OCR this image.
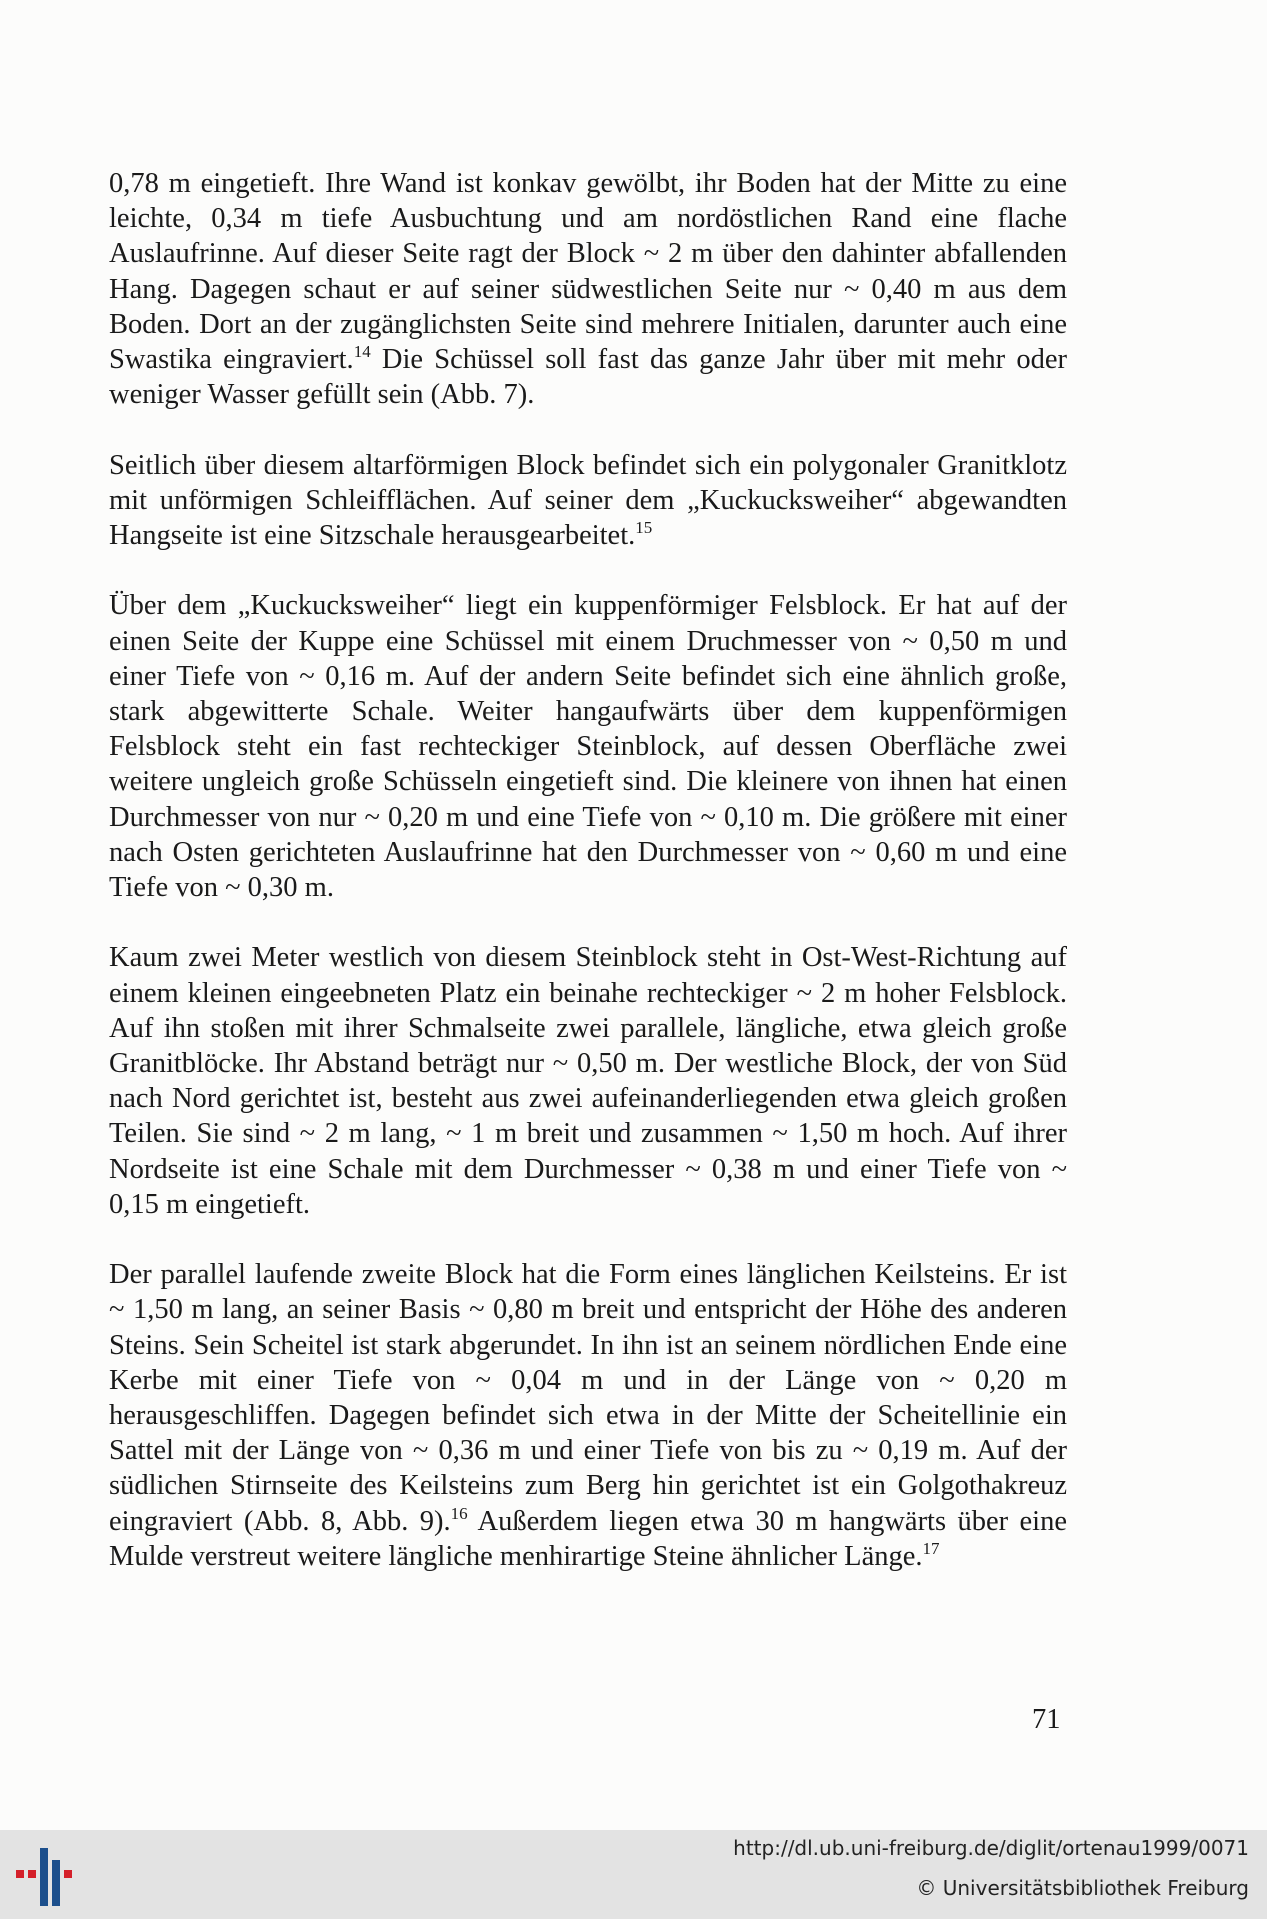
0,78 m eingetieft. Ihre Wand ist konkav gewölbt, ihr Boden hat der Mitte zu eine leichte, 0,34 m tiefe Ausbuchtung und am nordöstlichen Rand eine flache Auslaufrinne. Auf dieser Seite ragt der Block ~ 2 m über den dahinter abfallenden Hang. Dagegen schaut er auf seiner südwestlichen Seite nur ~ 0,40 m aus dem Boden. Dort an der zugänglichsten Seite sind mehrere Initialen, darunter auch eine Swastika eingraviert.$^{14}$ Die Schüssel soll fast das ganze Jahr über mit mehr oder weniger Wasser gefüllt sein (Abb. 7).

Seitlich über diesem altarförmigen Block befindet sich ein polygonaler Granitklotz mit unförmigen Schleifflächen. Auf seiner dem „Kuckucksweiher“ abgewandten Hangseite ist eine Sitzschale herausgearbeitet.$^{15}$

Über dem „Kuckucksweiher“ liegt ein kuppenförmiger Felsblock. Er hat auf der einen Seite der Kuppe eine Schüssel mit einem Druchmesser von ~ 0,50 m und einer Tiefe von ~ 0,16 m. Auf der andern Seite befindet sich eine ähnlich große, stark abgewitterte Schale. Weiter hangaufwärts über dem kuppenförmigen Felsblock steht ein fast rechteckiger Steinblock, auf dessen Oberfläche zwei weitere ungleich große Schüsseln eingetieft sind. Die kleinere von ihnen hat einen Durchmesser von nur ~ 0,20 m und eine Tiefe von ~ 0,10 m. Die größere mit einer nach Osten gerichteten Auslaufrinne hat den Durchmesser von ~ 0,60 m und eine Tiefe von ~ 0,30 m.

Kaum zwei Meter westlich von diesem Steinblock steht in Ost-West-Richtung auf einem kleinen eingeebneten Platz ein beinahe rechteckiger ~ 2 m hoher Felsblock. Auf ihn stoßen mit ihrer Schmalseite zwei parallele, längliche, etwa gleich große Granitblöcke. Ihr Abstand beträgt nur ~ 0,50 m. Der westliche Block, der von Süd nach Nord gerichtet ist, besteht aus zwei aufeinanderliegenden etwa gleich großen Teilen. Sie sind ~ 2 m lang, ~ 1 m breit und zusammen ~ 1,50 m hoch. Auf ihrer Nordseite ist eine Schale mit dem Durchmesser ~ 0,38 m und einer Tiefe von ~ 0,15 m eingetieft.

Der parallel laufende zweite Block hat die Form eines länglichen Keilsteins. Er ist ~ 1,50 m lang, an seiner Basis ~ 0,80 m breit und entspricht der Höhe des anderen Steins. Sein Scheitel ist stark abgerundet. In ihn ist an seinem nördlichen Ende eine Kerbe mit einer Tiefe von ~ 0,04 m und in der Länge von ~ 0,20 m herausgeschliffen. Dagegen befindet sich etwa in der Mitte der Scheitellinie ein Sattel mit der Länge von ~ 0,36 m und einer Tiefe von bis zu ~ 0,19 m. Auf der südlichen Stirnseite des Keilsteins zum Berg hin gerichtet ist ein Golgothakreuz eingraviert (Abb. 8, Abb. 9).$^{16}$ Außerdem liegen etwa 30 m hangwärts über eine Mulde verstreut weitere längliche menhirartige Steine ähnlicher Länge.$^{17}$

71
http://dl.ub.uni-freiburg.de/diglit/ortenau1999/0071
© Universitätsbibliothek Freiburg
